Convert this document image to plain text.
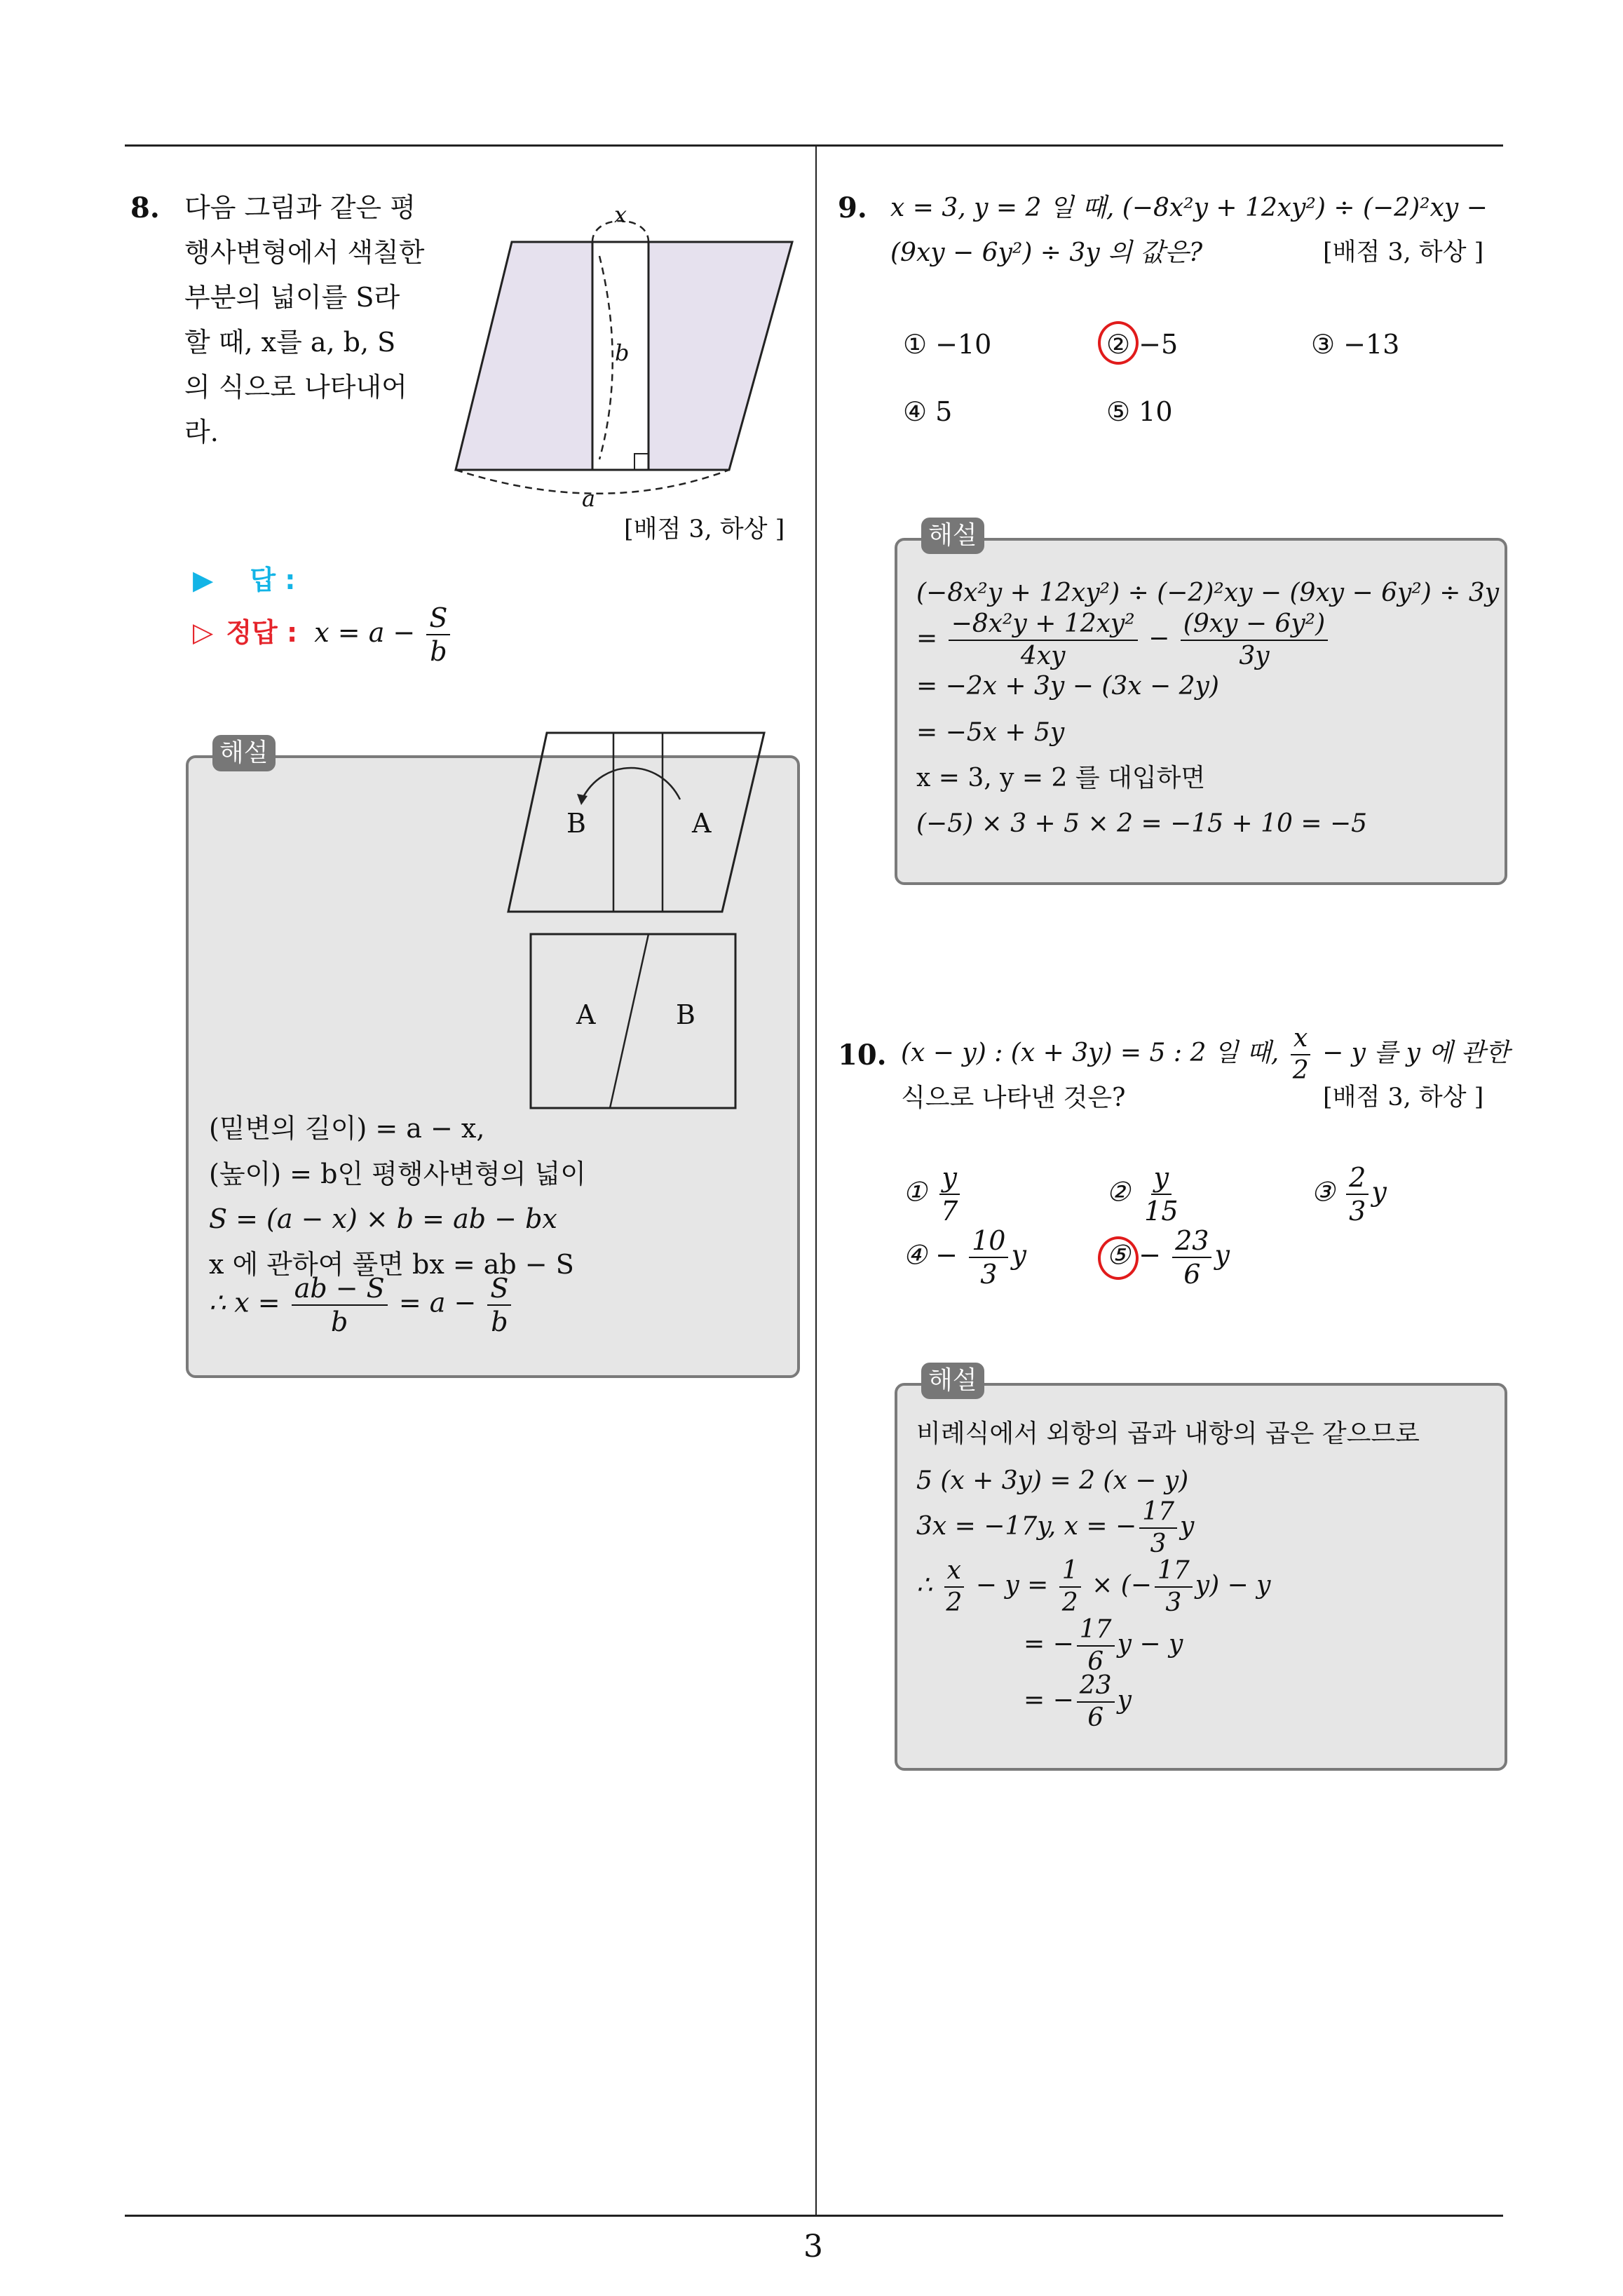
3
8. 다음 그림과 같은 평
행사변형에서 색칠한
부분의 넓이를 S라
할 때, x를 a, b, S
의 식으로 나타내어
라.
x
b
a
[배점 3, 하상 ]
▶ 답 :
▷ 정답 : $x = a - \frac{S}{b}$
해설
B	A
A	B
(밑변의 길이) = a − x,
(높이) = b인 평행사변형의 넓이
S = (a − x) × b = ab − bx
x 에 관하여 풀면 bx = ab − S
∴ $x = \frac{ab - S}{b} = a - \frac{S}{b}$
9. x = 3, y = 2 일 때, (−8x²y + 12xy²) ÷ (−2)²xy −
(9xy − 6y²) ÷ 3y 의 값은?	[배점 3, 하상 ]
① −10	② −5	③ −13
④ 5	⑤ 10
해설
(−8x²y + 12xy²) ÷ (−2)²xy − (9xy − 6y²) ÷ 3y
= $\frac{\text{−8x²y + 12xy²}}{4xy} - \frac{\text{(9xy − 6y²)}}{3y}$
= −2x + 3y − (3x − 2y)
= −5x + 5y
x = 3, y = 2 를 대입하면
(−5) × 3 + 5 × 2 = −15 + 10 = −5
10. (x − y) : (x + 3y) = 5 : 2 일 때, $\frac{x}{2} - y$ 를 y 에 관한
식으로 나타낸 것은?	[배점 3, 하상 ]
① $\frac{y}{7}$	② $\frac{y}{15}$	③ $\frac{2}{3}$ y
④ − $\frac{10}{3}$ y	⑤ − $\frac{23}{6}$ y
해설
비례식에서 외항의 곱과 내항의 곱은 같으므로
5 (x + 3y) = 2 (x − y)
3x = −17y, x = − $\frac{17}{3}$ y
∴ $\frac{x}{2} - y = \frac{1}{2}$ × (− $\frac{17}{3} y) - y$
= − $\frac{17}{6}$ y − y
= − $\frac{23}{6}$ y
